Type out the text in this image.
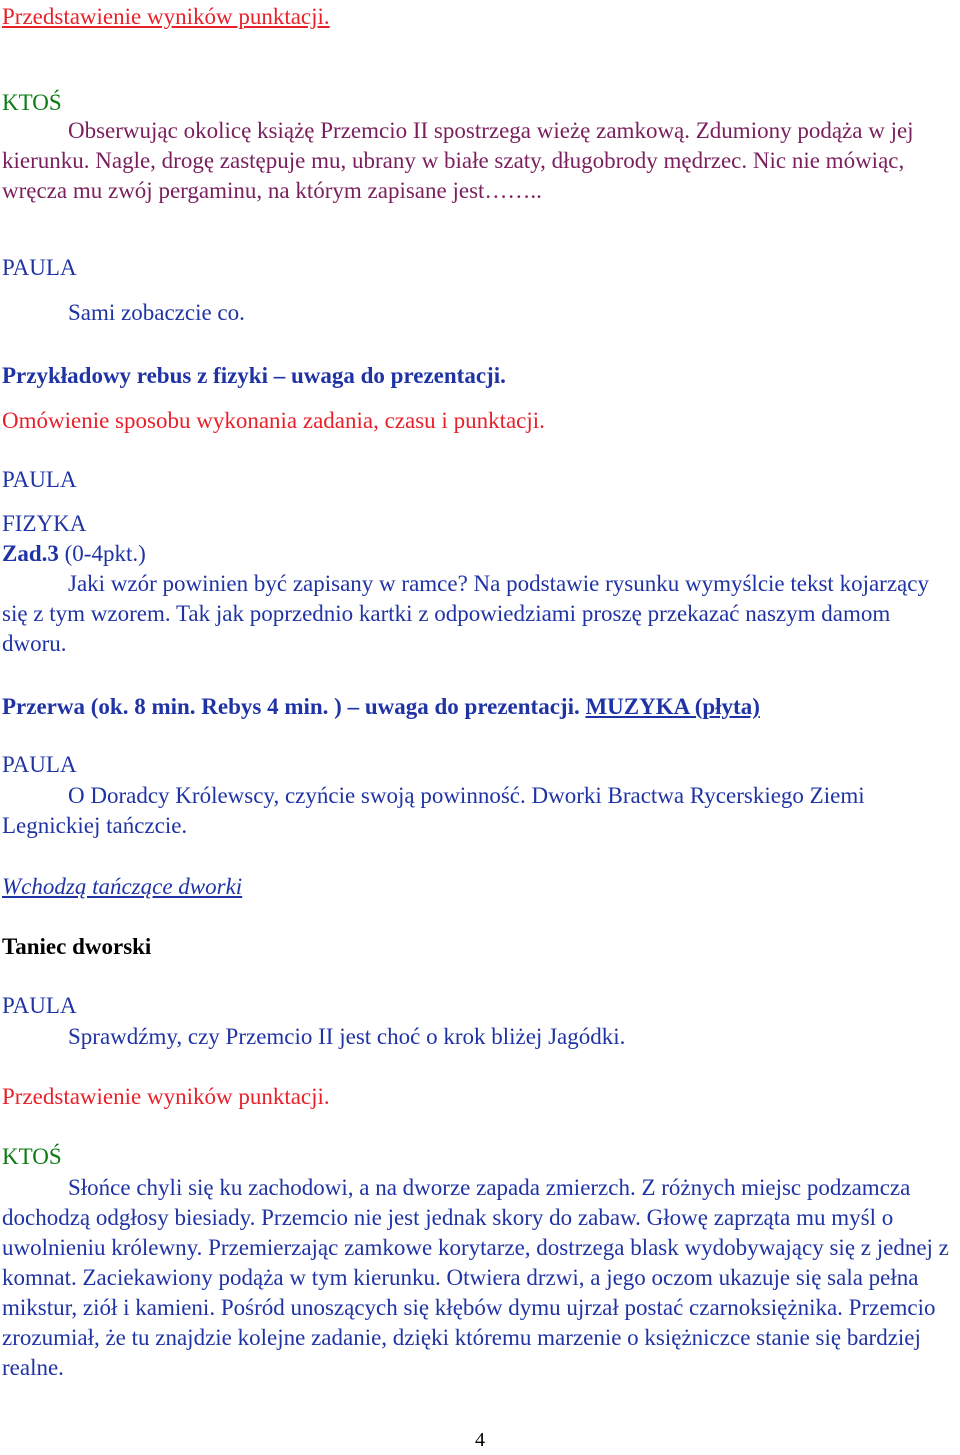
Przedstawienie wyników punktacji.

KTOŚ

Obserwując okolicę książę Przemcio II spostrzega wieżę zamkową. Zdumiony podąża w jej kierunku. Nagle, drogę zastępuje mu, ubrany w białe szaty, długobrody mędrzec. Nic nie mówiąc, wręcza mu zwój pergaminu, na którym zapisane jest……..

PAULA

Sami zobaczcie co.

Przykładowy rebus z fizyki – uwaga do prezentacji.

Omówienie sposobu wykonania zadania, czasu i punktacji.

PAULA

FIZYKA

Zad.3 (0-4pkt.)

Jaki wzór powinien być zapisany w ramce? Na podstawie rysunku wymyślcie tekst kojarzący się z tym wzorem. Tak jak poprzednio kartki z odpowiedziami proszę przekazać naszym damom dworu.

Przerwa (ok. 8 min. Rebys 4 min. ) – uwaga do prezentacji. MUZYKA (płyta)

PAULA

O Doradcy Królewscy, czyńcie swoją powinność. Dworki Bractwa Rycerskiego Ziemi Legnickiej tańczcie.

Wchodzą tańczące dworki

Taniec dworski

PAULA

Sprawdźmy, czy Przemcio II jest choć o krok bliżej Jagódki.

Przedstawienie wyników punktacji.

KTOŚ

Słońce chyli się ku zachodowi, a na dworze zapada zmierzch. Z różnych miejsc podzamcza dochodzą odgłosy biesiady. Przemcio nie jest jednak skory do zabaw. Głowę zaprząta mu myśl o uwolnieniu królewny. Przemierzając zamkowe korytarze, dostrzega blask wydobywający się z jednej z komnat. Zaciekawiony podąża w tym kierunku. Otwiera drzwi, a jego oczom ukazuje się sala pełna mikstur, ziół i kamieni. Pośród unoszących się kłębów dymu ujrzał postać czarnoksiężnika. Przemcio zrozumiał, że tu znajdzie kolejne zadanie, dzięki któremu marzenie o księżniczce stanie się bardziej realne.

4
